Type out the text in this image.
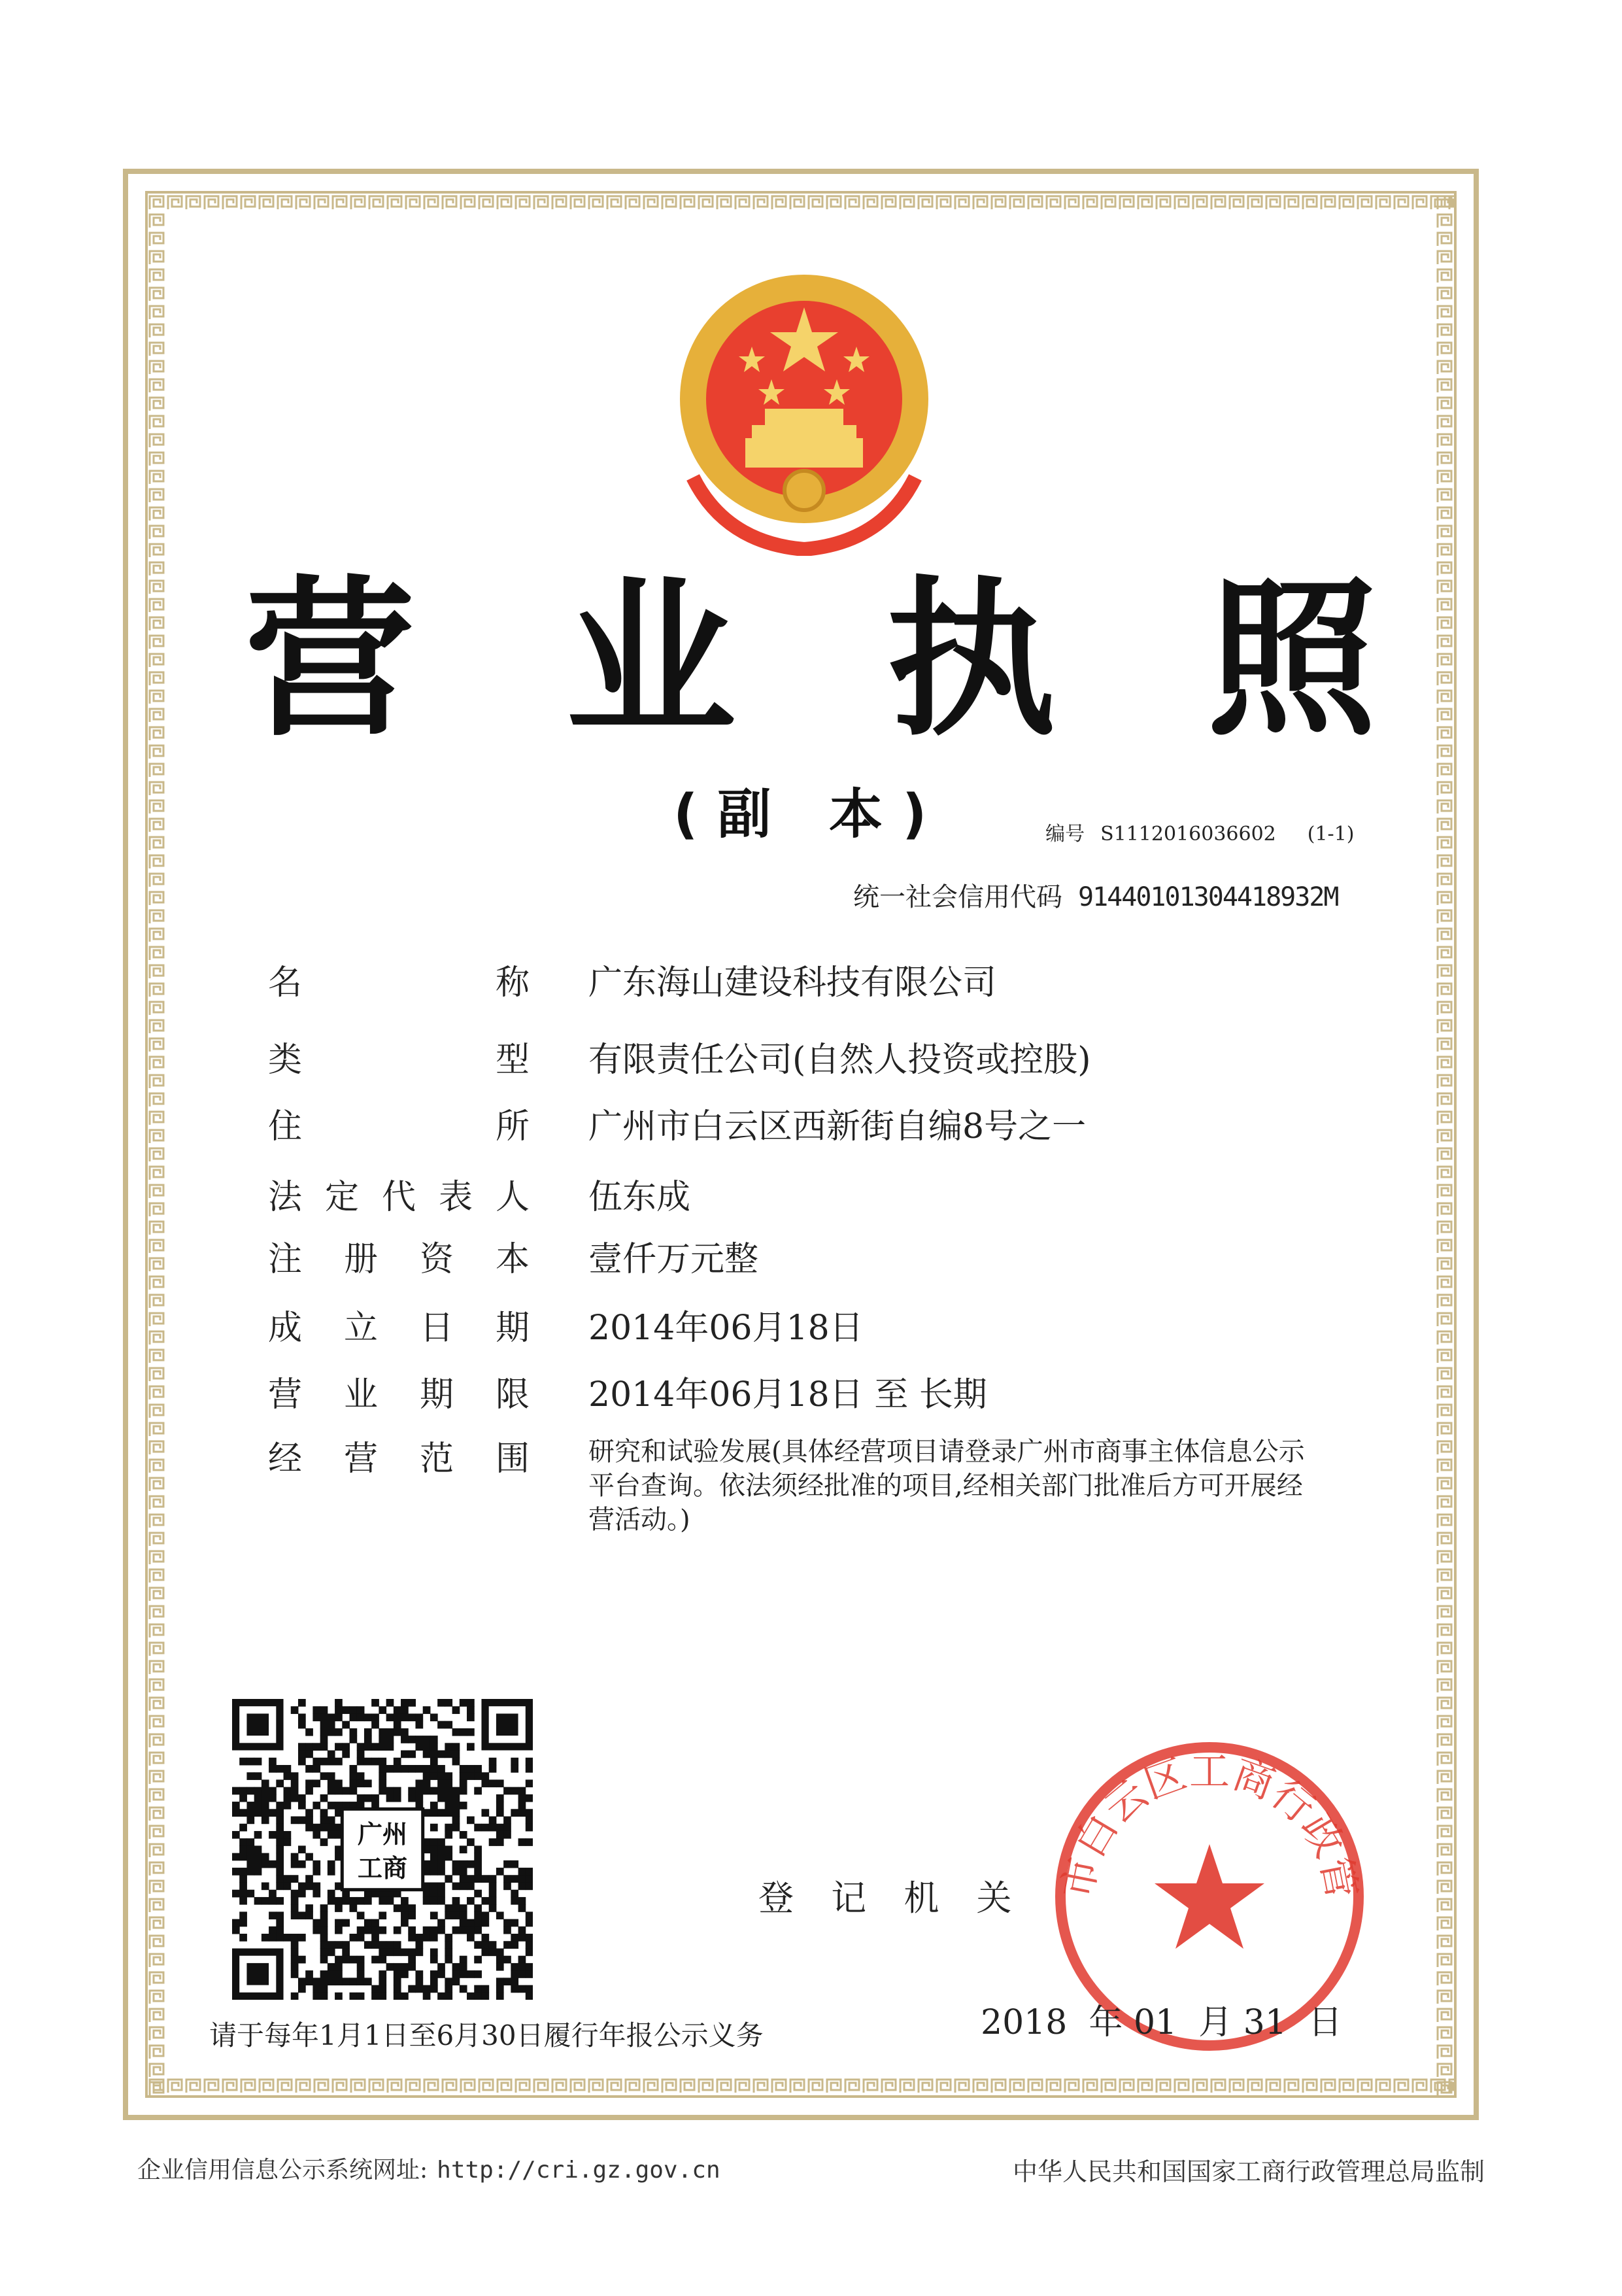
营 业 执 照
(副 本)	编号 S1112016036602 (1-1)

统一社会信用代码 91440101304418932M
名	称 广东海山建设科技有限公司
类	型 有限责任公司(自然人投资或控股)
住	所 广州市白云区西新街自编8号之一
法 定 代 表 人 伍东成
注 册 资 本 壹仟万元整
成 立 日 期 2014年06月18日
营 业 期 限 2014年06月18日 至 长期
经 营 范 围 研究和试验发展(具体经营项目请登录广州市商事主体信息公示
平台查询。依法须经批准的项目,经相关部门批准后方可开展经
营活动。)
广州
工商
登 记 机 关 市白云区工商行政管
2018 年 01 月 31 日
请于每年1月1日至6月30日履行年报公示义务
企业信用信息公示系统网址: http://cri.gz.gov.cn	中华人民共和国国家工商行政管理总局监制
